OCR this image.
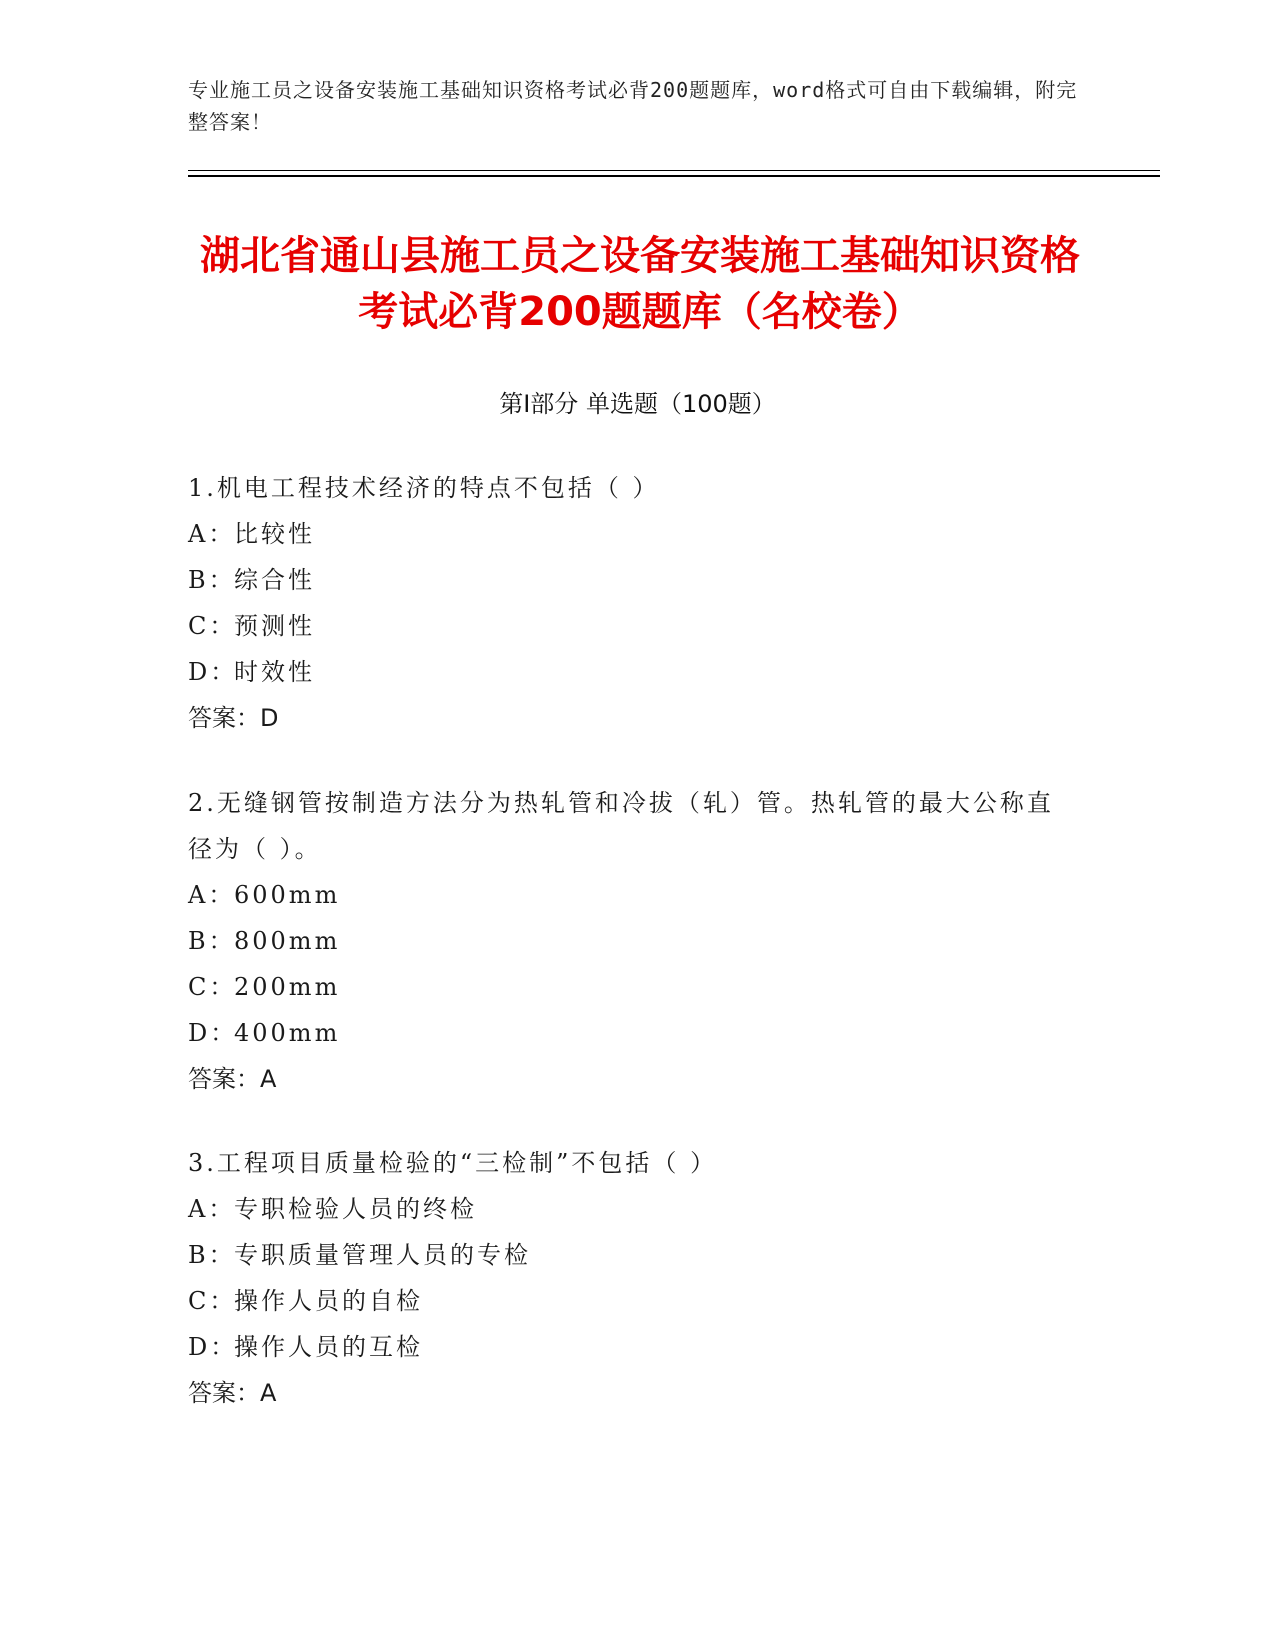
专业施工员之设备安装施工基础知识资格考试必背200题题库，word格式可自由下载编辑，附完整答案！
湖北省通山县施工员之设备安装施工基础知识资格考试必背200题题库（名校卷）
第Ⅰ部分 单选题（100题）

1.机电工程技术经济的特点不包括（ ）

A：比较性

B：综合性

C：预测性

D：时效性

答案：D

2.无缝钢管按制造方法分为热轧管和冷拔（轧）管。热轧管的最大公称直径为（ ）。

A：600mm

B：800mm

C：200mm

D：400mm

答案：A

3.工程项目质量检验的“三检制”不包括（ ）

A：专职检验人员的终检

B：专职质量管理人员的专检

C：操作人员的自检

D：操作人员的互检

答案：A
